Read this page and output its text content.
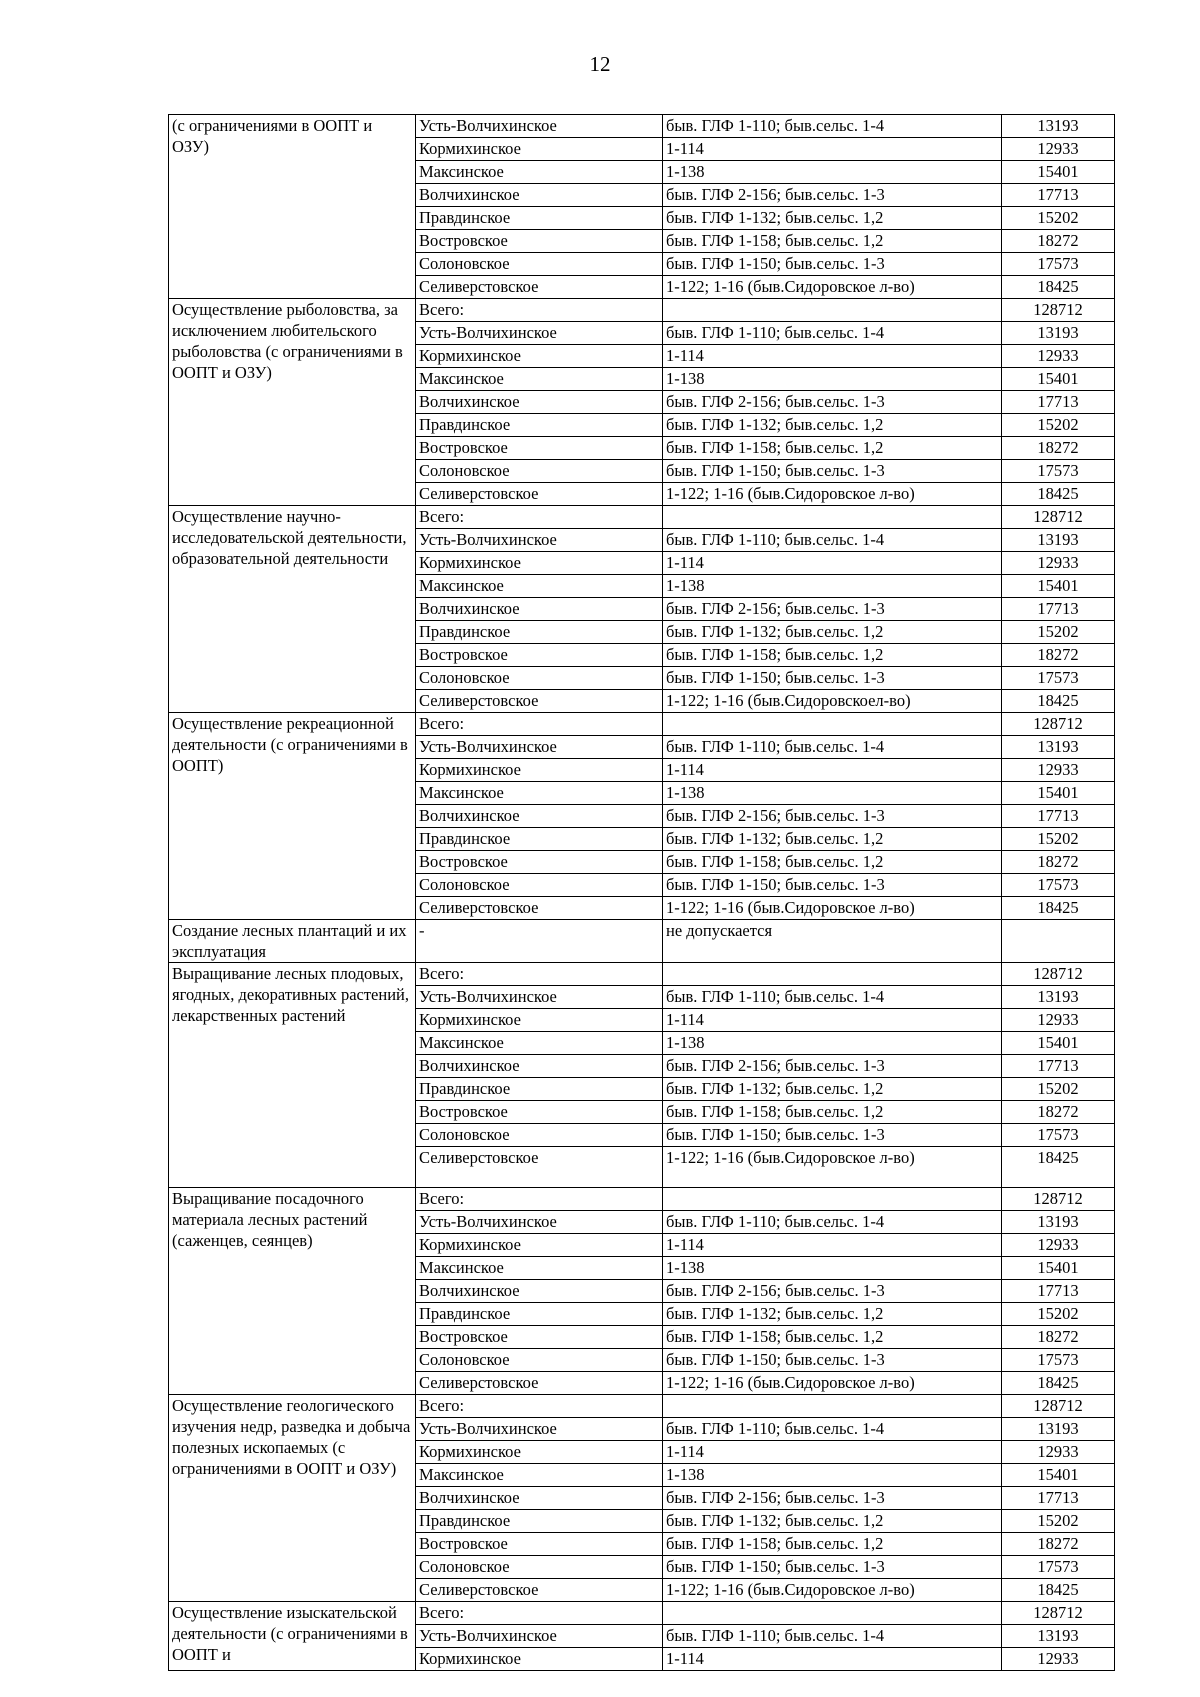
12
(с ограничениями в ООПТ и ОЗУ)	Усть-Волчихинское	быв. ГЛФ 1-110; быв.сельс. 1-4	13193
	Кормихинское	1-114	12933
	Максинское	1-138	15401
	Волчихинское	быв. ГЛФ 2-156; быв.сельс. 1-3	17713
	Правдинское	быв. ГЛФ 1-132; быв.сельс. 1,2	15202
	Востровское	быв. ГЛФ 1-158; быв.сельс. 1,2	18272
	Солоновское	быв. ГЛФ 1-150; быв.сельс. 1-3	17573
	Селиверстовское	1-122; 1-16 (быв.Сидоровское л-во)	18425
Осуществление рыболовства, за исключением любительского рыболовства (с ограничениями в ООПТ и ОЗУ)	Всего:		128712
	Усть-Волчихинское	быв. ГЛФ 1-110; быв.сельс. 1-4	13193
	Кормихинское	1-114	12933
	Максинское	1-138	15401
	Волчихинское	быв. ГЛФ 2-156; быв.сельс. 1-3	17713
	Правдинское	быв. ГЛФ 1-132; быв.сельс. 1,2	15202
	Востровское	быв. ГЛФ 1-158; быв.сельс. 1,2	18272
	Солоновское	быв. ГЛФ 1-150; быв.сельс. 1-3	17573
	Селиверстовское	1-122; 1-16 (быв.Сидоровское л-во)	18425
Осуществление научно-исследовательской деятельности, образовательной деятельности	Всего:		128712
	Усть-Волчихинское	быв. ГЛФ 1-110; быв.сельс. 1-4	13193
	Кормихинское	1-114	12933
	Максинское	1-138	15401
	Волчихинское	быв. ГЛФ 2-156; быв.сельс. 1-3	17713
	Правдинское	быв. ГЛФ 1-132; быв.сельс. 1,2	15202
	Востровское	быв. ГЛФ 1-158; быв.сельс. 1,2	18272
	Солоновское	быв. ГЛФ 1-150; быв.сельс. 1-3	17573
	Селиверстовское	1-122; 1-16 (быв.Сидоровскоел-во)	18425
Осуществление рекреационной деятельности (с ограничениями в ООПТ)	Всего:		128712
	Усть-Волчихинское	быв. ГЛФ 1-110; быв.сельс. 1-4	13193
	Кормихинское	1-114	12933
	Максинское	1-138	15401
	Волчихинское	быв. ГЛФ 2-156; быв.сельс. 1-3	17713
	Правдинское	быв. ГЛФ 1-132; быв.сельс. 1,2	15202
	Востровское	быв. ГЛФ 1-158; быв.сельс. 1,2	18272
	Солоновское	быв. ГЛФ 1-150; быв.сельс. 1-3	17573
	Селиверстовское	1-122; 1-16 (быв.Сидоровское л-во)	18425
Создание лесных плантаций и их эксплуатация	-	не допускается	
Выращивание лесных плодовых, ягодных, декоративных растений, лекарственных растений	Всего:		128712
	Усть-Волчихинское	быв. ГЛФ 1-110; быв.сельс. 1-4	13193
	Кормихинское	1-114	12933
	Максинское	1-138	15401
	Волчихинское	быв. ГЛФ 2-156; быв.сельс. 1-3	17713
	Правдинское	быв. ГЛФ 1-132; быв.сельс. 1,2	15202
	Востровское	быв. ГЛФ 1-158; быв.сельс. 1,2	18272
	Солоновское	быв. ГЛФ 1-150; быв.сельс. 1-3	17573
	Селиверстовское	1-122; 1-16 (быв.Сидоровское л-во)	18425
Выращивание посадочного материала лесных растений (саженцев, сеянцев)	Всего:		128712
	Усть-Волчихинское	быв. ГЛФ 1-110; быв.сельс. 1-4	13193
	Кормихинское	1-114	12933
	Максинское	1-138	15401
	Волчихинское	быв. ГЛФ 2-156; быв.сельс. 1-3	17713
	Правдинское	быв. ГЛФ 1-132; быв.сельс. 1,2	15202
	Востровское	быв. ГЛФ 1-158; быв.сельс. 1,2	18272
	Солоновское	быв. ГЛФ 1-150; быв.сельс. 1-3	17573
	Селиверстовское	1-122; 1-16 (быв.Сидоровское л-во)	18425
Осуществление геологического изучения недр, разведка и добыча полезных ископаемых (с ограничениями в ООПТ и ОЗУ)	Всего:		128712
	Усть-Волчихинское	быв. ГЛФ 1-110; быв.сельс. 1-4	13193
	Кормихинское	1-114	12933
	Максинское	1-138	15401
	Волчихинское	быв. ГЛФ 2-156; быв.сельс. 1-3	17713
	Правдинское	быв. ГЛФ 1-132; быв.сельс. 1,2	15202
	Востровское	быв. ГЛФ 1-158; быв.сельс. 1,2	18272
	Солоновское	быв. ГЛФ 1-150; быв.сельс. 1-3	17573
	Селиверстовское	1-122; 1-16 (быв.Сидоровское л-во)	18425
Осуществление изыскательской деятельности (с ограничениями в ООПТ и	Всего:		128712
	Усть-Волчихинское	быв. ГЛФ 1-110; быв.сельс. 1-4	13193
	Кормихинское	1-114	12933
